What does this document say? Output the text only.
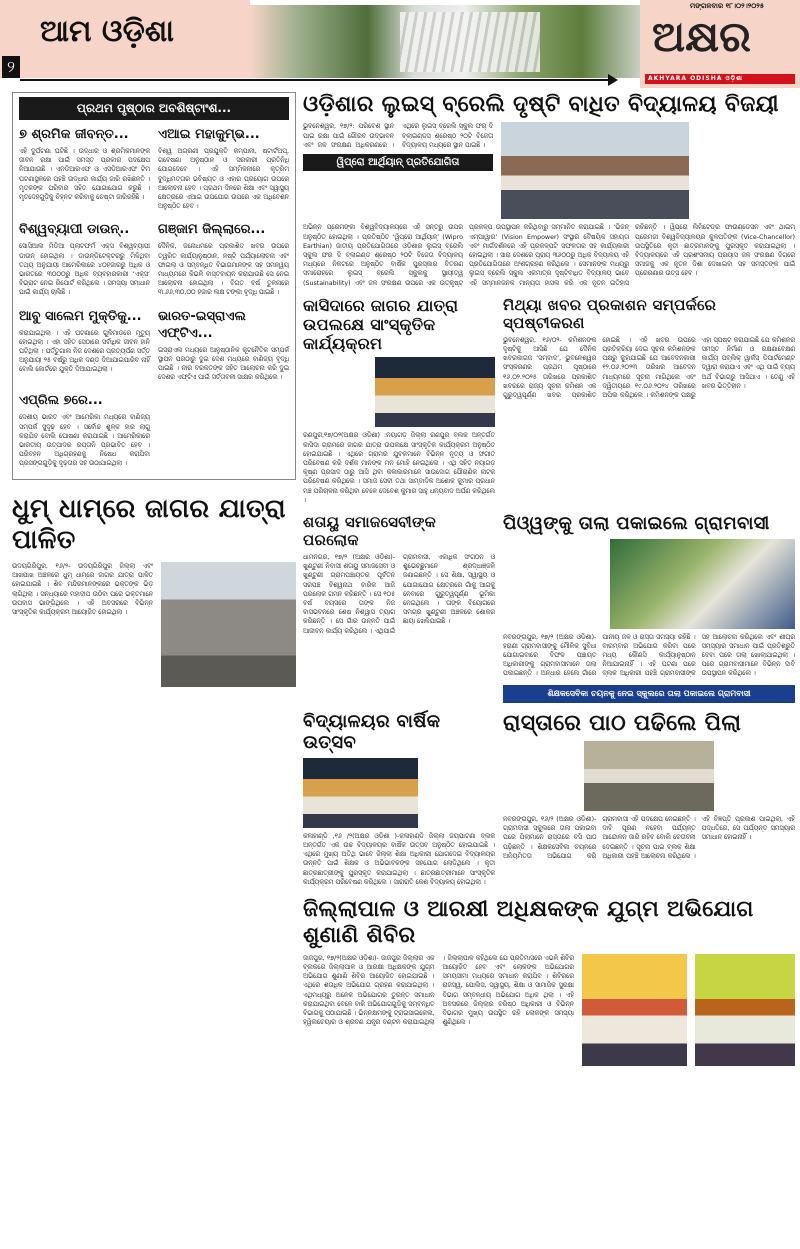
ଆମ ଓଡ଼ିଶା
୨
ମଙ୍ଗଳବାର ୧୮।୦୨।୨୦୨୫
ଅକ୍ଷର
AKHYARA ODISHA ଓଡ଼ିଶା
ପ୍ରଥମ ପୃଷ୍ଠାର ଅବଶିଷ୍ଟାଂଶ...
୭ ଶ୍ରମିକ ଜୀବନ୍ତ...
ଏହି ଦୁର୍ଘଟଣା ଘଟିଛି । ଉଦ୍ଧାର ଓ ଶ୍ରମିକମାନଙ୍କ ଜୀବନ ରକ୍ଷା ପାଇଁ ସମସ୍ତ ପ୍ରକାର ପଦକ୍ଷେପ ନିଆଯାଉଛି । ଏନଡିଆରଏଫ ଓ ଏସଡିଆରଏଫ ଟିମ ଘଟଣାସ୍ଥଳରେ ପହଞ୍ଚି ଉଦ୍ଧାର କାର୍ଯ୍ୟ ଜାରି ରଖିଛନ୍ତି । ମୃତକଙ୍କ ପରିବାର ସହିତ ଯୋଗାଯୋଗ କରୁଛି । ମୃତଦେହଗୁଡ଼ିକୁ ଚିହ୍ନଟ କରିବାକୁ ଚେଷ୍ଟା ଜାରିରହିଛି ।
ଏଆଇ ମହାକୁମ୍ଭ...
ବିଶ୍ୱ ଅଗ୍ରଣୀ ପ୍ରଯୁକ୍ତି କମ୍ପାନୀ, ଷ୍ଟାର୍ଟଅପ୍, ଗବେଷଣା ଅନୁଷ୍ଠାନ ଓ ସରକାରୀ ପ୍ରତିନିଧି ଯୋଗଦେବେ । ଏହି ସମ୍ମିଳନୀରେ କୃତ୍ରିମ ବୁଦ୍ଧିମତ୍ତାର ଭବିଷ୍ୟତ ଓ ଏହାର ପ୍ରୟୋଗ ଉପରେ ଆଲୋଚନା ହେବ । ପ୍ରଥମ ଦିନରେ ଶିକ୍ଷା ଏବଂ ସ୍ୱାସ୍ଥ୍ୟ କ୍ଷେତ୍ରରେ ଏଆଇ ଉପଯୋଗ ଉପରେ ଏକ ଅଧିବେଶନ ଅନୁଷ୍ଠିତ ହେବ ।
ବିଶ୍ୱବ୍ୟାପୀ ଡାଉନ୍..
ସୋସିଆଲ ମିଡିଆ ପ୍ଲାଟଫର୍ମ ଏକ୍ସ ବିଶ୍ୱବ୍ୟାପୀ ଡାଉନ୍ ହୋଇଥିଲା । ଡାଉନ୍‌ଡିଟେକ୍ଟରରୁ ମିଳିଥିବା ତଥ୍ୟ ଅନୁଯାୟୀ ଆମେରିକାରେ ୪୦ହଜାରରୁ ଅଧିକ ଓ ଭାରତରେ ୩୦୦୦ରୁ ଅଧିକ ବ୍ୟବହାରକାରୀ ‘ଏକ୍ସ’ ବିଭ୍ରାଟ ନେଇ ରିପୋର୍ଟ କରିଥିଲେ । ସମସ୍ୟା ସମାଧାନ ପାଇଁ କାର୍ଯ୍ୟ ଚାଲିଛି ।
ଗଞ୍ଜାମ ଜିଲ୍ଲାରେ...
ଦୈନିକ, ଜନୋଧମରେ ପ୍ରକାଶିତ ଖବର ଉପରେ ତ୍ୱରିତ କାର୍ଯ୍ୟାନୁଷ୍ଠାନ, ନଷ୍ଟି ପର୍ଯ୍ୟାଲୋଚନା ଏବଂ ଫାଇଲ୍ ଓ ସମ୍ବନ୍ଧିତ ବିଭାଗମାନଙ୍କ ସହ ସମନ୍ୱୟ ମାଧ୍ୟମରେ କିଭଳି ବାସ୍ତବାୟନ କରାଯାଉଛି ସେ ନେଇ ଆଲୋଚନା ହୋଇଥିଲା । ବିଗତ ବର୍ଷ ତୁଳନାରେ ୩.୬୬,୩୦,୦୦ ହଜାର ଲକ୍ଷ ଟଙ୍କା ବୃଦ୍ଧି ପାଇଛି ।
ଆବୁ ସାଲେମ ମୁକ୍ତିକୁ...
କରାଯାଇଥିଲା । ଏହି ଘଟଣାରେ ଗୁଳିମାଡ଼ରେ ମୃତ୍ୟୁ ହୋଇଥିଲା । ଏହା ସହିତ ସେଠାରେ ସର୍ବାଧିକ ଜୀବନ ହାନି ଘଟିଥିଲା । ପର୍ତ୍ତୁଗାଲ ନିଜ ଦେଶରେ ପ୍ରତ୍ୟର୍ପଣ ସର୍ତ୍ତ ଅନୁଯାୟୀ ୨୫ ବର୍ଷରୁ ଅଧିକ ଦଣ୍ଡ ଦିଆଯାଇପାରିବ ନାହିଁ ବୋଲି କୋର୍ଟରେ ଯୁକ୍ତି ଦିଆଯାଇଥିଲା ।
ଭାରତ-ଇସ୍ରାଏଲ ଏଫ୍‌ଟିଏ...
ଇସ୍ରାଏଲ ମଧ୍ୟରେ ଆନୁଷ୍ଠାନିକ କୂଟନୈତିକ ସମ୍ପର୍କ ସ୍ଥାପନ ପରଠାରୁ ଦୁଇ ଦେଶ ମଧ୍ୟରେ ବାଣିଜ୍ୟ ବୃଦ୍ଧି ପାଇଛି । ନୀର ବରକତଙ୍କ ସହିତ ଆଲୋଚନା କରି ଦୁଇ ଦେଶର ଏଫ୍‌ଟିଏ ପାଇଁ ସର୍ତ୍ତାବଳୀ ସାକ୍ଷର କରିଥିଲେ ।
ଏପ୍ରିଲ ୭ରେ...
ଦେଶୀୟ ଭାରତ ଏବଂ ଆମେରିକା ମଧ୍ୟରେ ବାଣିଜ୍ୟ ସମ୍ପର୍କ ସୁଦୃଢ଼ ହେବ । ସର୍ବୋଚ୍ଚ ଶୁଳ୍କ ହାର ଲାଗୁ କରାଯିବ ବୋଲି ଘୋଷଣା କରାଯାଇଛି । ଆମେରିକାରେ ଭାରତୀୟ ଉତ୍ପାଦର ରପ୍ତାନି ପ୍ରଭାବିତ ହେବ । ପରିବହନ ଅଧିଗ୍ରହଣକୁ ନିଷେଧ କରାଯିବା ପ୍ରସଙ୍ଗଗୁଡ଼ିକୁ ଦୃଢ଼ତାର ସହ ଉଠାଯାଇଥିଲା ।
ଧୁମ୍ ଧାମ୍‌ରେ ଜାଗର ଯାତ୍ରା ପାଳିତ
ଉଦୟଗିରିପୁର, ୧୬/୨- ଉଦୟଗିରିପୁର ଜିଲ୍ଲା ଏବଂ ଆଖପାଖ ଅଞ୍ଚଳରେ ଧୁମ୍ ଧାମ୍‌ରେ ଜାଗର ଯାତ୍ରା ପାଳିତ ହୋଇଯାଇଛି । ଶିବ ମନ୍ଦିରମାନଙ୍କରେ ଭକ୍ତଙ୍କ ଭିଡ଼ ଲାଗିଥିଲା । ସନ୍ଧ୍ୟାରେ ମହାଦୀପ ଉଠିବା ପରେ ଭକ୍ତମାନେ ଉପବାସ ଭାଙ୍ଗିଥିଲେ । ଏହି ଅବସରରେ ବିଭିନ୍ନ ସାଂସ୍କୃତିକ କାର୍ଯ୍ୟକ୍ରମ ଆୟୋଜିତ ହୋଇଥିଲା ।
ଓଡ଼ିଶାର ଲୁଇସ୍ ବ୍ରେଲି ଦୃଷ୍ଟି ବାଧିତ ବିଦ୍ୟାଳୟ ବିଜୟୀ
ଭୁବନେଶ୍ୱର, ୧୭/୨: ପରିବେଶ ସ୍ଥାନ ପାଇ ରକ୍ଷା ପାଇଁ ଗୌରବ ଉଦ୍ଭାବନ ଏବଂ ଜଳ ସଂରକ୍ଷଣ ଅଧିକରଣରେ । ଏଥିରେ ଲୁଇସ୍ ବ୍ରେଲି ସ୍କୁଲ ଫର୍ ଦି ବ୍ଲାଇଣ୍ଡସ ଶ୍ରେଷ୍ଠ ୨୦ଟି ବିଜେତା ବିଦ୍ୟାଳୟ ମଧ୍ୟରେ ସ୍ଥାନ ପାଇଛି ।
ୱିପ୍ରୋ ଆର୍ଥିୟାନ୍ ପ୍ରତିଯୋଗିତା
ଅଭିନ୍ନ ପ୍ରେମଙ୍କା ବିଶ୍ୱବିଦ୍ୟାଳୟରେ ଏହି ସନ୍ତରୁ ଉପର ଅନୁଷ୍ଠିତ ହୋଇଥିଲା । ପ୍ରତିଷ୍ଠିତ ‘ୱିପ୍ରୋ ଆର୍ଥିୟାନ୍’ (Wipro Earthian) ଜାତୀୟ ପ୍ରତିଯୋଗିତାରେ ଓଡ଼ିଶାର ଲୁଇସ୍ ବ୍ରେଲି ସ୍କୁଲ ଫର ଦି ବ୍ଲାଇଣ୍ଡ ଶ୍ରେଷ୍ଠ ୨୦ଟି ବିଜେତା ବିଦ୍ୟାଳୟ ମଧ୍ୟରେ ନିକଟରେ ଅନୁଷ୍ଠିତ ବାର୍ଷିକ ପୁରସ୍କାର ବିତରଣ ସମାରୋହରେ ଲୁଇସ୍ ବ୍ରେଲି ସ୍କୁଲକୁ ସ୍ଥାୟୀତ୍ୱ (Sustainability) ଏବଂ ଜଳ ସଂରକ୍ଷଣ ଉପରେ ଏକ ଉତ୍କୃଷ୍ଟ ପ୍ରକଳ୍ପ ଉପସ୍ଥାପନ କରିଥିବାରୁ ସମ୍ମାନିତ କରାଯାଇଛି । ‘ଭିଜନ୍ ଏମ୍ପାୱାର’ (Vision Empower) ସଂସ୍ଥାର ବୈଷୟିକ ସହାୟତା ଏବଂ ମାର୍ଗଦର୍ଶନରେ ଏହି ପ୍ରକଳ୍ପଟି ସଫଳତାର ସହ କାର୍ଯ୍ୟକାରୀ ହୋଇଥିଲା । ସାରା ଦେଶରେ ପ୍ରାୟ ୩୬୦୦ରୁ ଅଧିକ ବିଦ୍ୟାଳୟ ଏହି ପ୍ରତିଯୋଗିତାରେ ଅଂଶଗ୍ରହଣ କରିଥିଲେ । ସେମାନଙ୍କ ମଧ୍ୟରୁ ଲୁଇସ୍ ବ୍ରେଲି ସ୍କୁଲ ଏକମାତ୍ର ଦୃଷ୍ଟିବାଧିତ ବିଦ୍ୟାଳୟ ଭାବେ ଏହି ସମ୍ମାନଜନକ ମାନ୍ୟତା ହାସଲ କରି ଏକ ନୂତନ ଇତିହାସ ରଚିଛନ୍ତି । ୱିପ୍ରୋ ଲିମିଟେଡ୍‌ର ଫାଉଣ୍ଡେସନ ଏବଂ ଥାଇମ୍ ପ୍ରେମଜୀ ବିଶ୍ୱବିଦ୍ୟାଳୟର କୁଳପତିଙ୍କ (Vice-Chancellor) ଉପସ୍ଥିତିରେ କୃତୀ ଛାତ୍ରମାନଙ୍କୁ ପୁରସ୍କୃତ କରାଯାଇଥିଲା । ବିଦ୍ୟାଳୟରେ ଏହି ପ୍ରଶଂସନୀୟ ପ୍ରୟାସ ଜଳ ସଂରକ୍ଷଣ ଦିଗରେ ସମାଜକୁ ଏକ ନୂତନ ଦିଶା ଦେଖାଇବା ସହ ସମସ୍ତଙ୍କ ପାଇଁ ପ୍ରେରଣାର ଉତ୍ସ ହେବ ।
କାସିଦାରେ ଜାଗର ଯାତ୍ରା
ଉପଲକ୍ଷେ ସାଂସ୍କୃତିକ କାର୍ଯ୍ୟକ୍ରମ
ରଣପୁର,୧୭/୦୨(ଅକ୍ଷର ଓଡ଼ିଶା) :ନୟାଗଡ଼ ଜିଲ୍ଲା ରଣପୁର ବ୍ଲକ ଅନ୍ତର୍ଗତ କାସିଦା ଗ୍ରାମରେ ଜାଗର ଯାତ୍ରା ଉପଲକ୍ଷେ ସାଂସ୍କୃତିକ କାର୍ଯ୍ୟକ୍ରମ ଅନୁଷ୍ଠିତ ହୋଇଯାଇଛି । ଏଥିରେ ଗ୍ରାମର ଯୁବକମାନେ ବିଭିନ୍ନ ନୃତ୍ୟ ଓ ସଂଗୀତ ପରିବେଷଣ କରି ଦର୍ଶକ ମାନଙ୍କ ମନ ମୋହି ନେଇଥିଲେ । ଏଥି ସହିତ ନୟାଗଡ଼ କୃଷ୍ଣ ପ୍ରସାଦ ଠାରୁ ଆସି ଥିବା କଳାକାରମାନେ ସାଉଦୋଗ ପୌରାଣିକ ନାଟକ ପରିବେଷଣ କରିଥିଲେ । ସମାଜ ସେବୀ ତଥା ସାମ୍ବାଦିକ ଅଶୋକ କୁମାର ପ୍ରଧାନ ମଞ୍ଚ ପରିଚାଳନା କରିଥିବା ବେଳେ ଦେବେଶ କୁମାର ସାହୁ ଧନ୍ୟବାଦ ଅର୍ପଣ କରିଥିଲେ ।
ମିଥ୍ୟା ଖବର ପ୍ରକାଶନ ସମ୍ପର୍କରେ ସ୍ପଷ୍ଟୀକରଣ
ଭୁବନେଶ୍ୱର, ୧୬/୦୨- କମିଶନଙ୍କ ଦୃଷ୍ଟିକୁ ଆସିଛି ଯେ ଦୈନିକ ଖବରକାଗଜ ‘ସମ୍ବାଦ’, ଭୁବନେଶ୍ୱର ସଂସ୍କରଣର ପ୍ରଥମ ପୃଷ୍ଠାରେ ୧୬.୦୨.୨୦୨୫ ତାରିଖରେ ପ୍ରକାଶିତ ଖବରରେ ରାଜ୍ୟ ସୂଚନା କମିଶନ ଏକ ଗୁରୁତ୍ୱପୂର୍ଣ୍ଣ ଖବର ପ୍ରକାଶିତ ହୋଇଛି । ଏହି ଖବର ଉପରେ ପ୍ରତିକ୍ରିୟା ଦେଇ ସୂଚନା କମିଶନଙ୍କ ପକ୍ଷରୁ କୁହାଯାଇଛି ଯେ ଆବେଦନକାରୀ ୧୨.୦୬.୨୦୨୩ ତାରିଖର ଆବେଦନ ମାଧ୍ୟମରେ ସୂଚନା ମାଗିଥିଲେ ଏବଂ ଦ୍ୱିତୀୟରେ ୧୯.୦୬.୨୦୨୪ ତାରିଖରେ ଅପିଲ କରିଥିଲେ । କମିଶନଙ୍କ ପକ୍ଷରୁ ଏହା ସ୍ପଷ୍ଟ କରାଯାଇଛି ଯେ କମିଶନର ସମସ୍ତ ନିର୍ମାଣ ଓ ରକ୍ଷଣାବେକ୍ଷଣ କାର୍ଯ୍ୟ ପବ୍ଲିକ୍ ୱାର୍କସ୍ ଡିପାର୍ଟମେଣ୍ଟ ଦ୍ୱାରା କରାଯାଏ ଏବଂ ଏଥି ପାଇଁ ବ୍ୟୟ ଅର୍ଥ ବିଭାଗରୁ ଆସିଥାଏ । ତେଣୁ ଏହି ଖବର ଭିତ୍ତିହୀନ ।
ଶତାୟୁ ସମାଜସେବୀଙ୍କ ପରଲୋକ
ଧାମନଗର, ୧୭/୨ (ଅକ୍ଷର ଓଡ଼ିଶା)- ଖୁଣ୍ଟୁଣୀ ନିବାସୀ ଶତାୟୁ ସମାଜସେବୀ ଓ ଖୁଣ୍ଟୁଣୀ ଗ୍ରାମପଞ୍ଚାୟତର ପୂର୍ବତନ ସରପଞ୍ଚ ବିଶ୍ୱନାଥ ବାରିକ ଆଜି ପରଲୋକ ଗମନ କରିଛନ୍ତି । ସେ ୧୦୫ ବର୍ଷ ବୟସରେ ତାଙ୍କ ନିଜ ବାସଭବନରେ ଶେଷ ନିଶ୍ୱାସ ତ୍ୟାଗ କରିଛନ୍ତି । ସେ ଗାଁର ଉନ୍ନତି ପାଇଁ ଆଜୀବନ କାର୍ଯ୍ୟ କରିଥିଲେ । ଏଥିପାଇଁ ଗ୍ରାମବାସୀ, ଏକାଧିକ ସଂଗଠନ ଓ ଶୁଭେଚ୍ଛୁମାନେ ଶ୍ରଦ୍ଧାଞ୍ଜଳି ଜଣାଇଛନ୍ତି । ସେ ଶିକ୍ଷା, ସ୍ୱାସ୍ଥ୍ୟ ଓ ଯୋଗାଯୋଗ କ୍ଷେତ୍ରରେ ଗାଁକୁ ଆଗକୁ ନେବାରେ ଗୁରୁତ୍ୱପୂର୍ଣ୍ଣ ଭୂମିକା ନେଇଥିଲେ । ତାଙ୍କ ବିୟୋଗରେ ସମଗ୍ର ଖୁଣ୍ଟୁଣୀ ଅଞ୍ଚଳରେ ଶୋକର ଛାୟା ଖେଳିଯାଇଛି ।
ପିଓ୍ୱଙ୍କୁ ତାଲା ପକାଇଲେ ଗ୍ରାମବାସୀ
ନବରଙ୍ଗପୁର, ୧୭/୨ (ଅକ୍ଷର ଓଡ଼ିଶା)- ହରାଣୀ ଗ୍ରାମବାସୀଙ୍କୁ ମୌଳିକ ସୁବିଧା ଯୋଗାଇବାରେ ବିଫଳ ପଞ୍ଚାୟତ ଅଧିକାରୀଙ୍କୁ ଗ୍ରାମବାସୀମାନେ ତାଲା ପକାଇଛନ୍ତି । ଅନ୍ଧାର ହେଲେ ଗାଁରେ ପାନୀୟ ଜଳ ଓ ରାସ୍ତା ସମସ୍ୟା ରହିଛି । ବାରମ୍ବାର ଅଭିଯୋଗ କରିବା ପରେ ମଧ୍ୟ କୌଣସି କାର୍ଯ୍ୟାନୁଷ୍ଠାନ ନିଆଯାଇନାହିଁ । ଏହି ଘଟଣା ପରେ ବ୍ଲକ ଅଧିକାରୀ ପହଞ୍ଚି ଗ୍ରାମବାସୀଙ୍କ ସହ ଆଲୋଚନା କରିଥିଲେ ଏବଂ ଶୀଘ୍ର ସମସ୍ୟାର ସମାଧାନ ପାଇଁ ପ୍ରତିଶ୍ରୁତି ଦେବା ପରେ ତାଲା ଖୋଲାଯାଇଥିଲା । ପରେ ଗ୍ରାମବାସୀମାନେ ବିଭିନ୍ନ ଦାବି ଉପସ୍ଥାପନ କରିଥିଲେ ।
ଶିକ୍ଷକସେବିକା ଚୟନକୁ ନେଇ ସ୍କୁଲରେ ତାଲା ପକାଇଲେ ଗ୍ରାମବାସୀ
ବିଦ୍ୟାଳୟର ବାର୍ଷିକ ଉତ୍ସବ
କଳାହାଣ୍ଡି ,୧୬ /୨(ଅକ୍ଷର ଓଡ଼ିଶା )-କଳାହାଣ୍ଡି ଜିଲ୍ଲା ଜୟପାଟଣା ବ୍ଲକ ଅନ୍ତର୍ଗତ ଏକ ଉଚ୍ଚ ବିଦ୍ୟାଳୟର ବାର୍ଷିକ ଉତ୍ସବ ଅନୁଷ୍ଠିତ ହୋଇଯାଇଛି । ଏଥିରେ ମୁଖ୍ୟ ଅତିଥି ଭାବେ ଜିଲ୍ଲା ଶିକ୍ଷା ଅଧିକାରୀ ଯୋଗଦେଇ ବିଦ୍ୟାଳୟର ଉନ୍ନତି ପାଇଁ ଶିକ୍ଷକ ଓ ଅଭିଭାବକଙ୍କ ସହଯୋଗ ଲୋଡ଼ିଥିଲେ । କୃତୀ ଛାତ୍ରଛାତ୍ରୀଙ୍କୁ ପୁରସ୍କୃତ କରାଯାଇଥିଲା । ଛାତ୍ରଛାତ୍ରୀମାନେ ସାଂସ୍କୃତିକ କାର୍ଯ୍ୟକ୍ରମ ପରିବେଷଣ କରିଥିଲେ । ସାରାରାତି କେଶ ବିଦ୍ୟାଳୟ ହୋଇଥିଲା ।
ରାସ୍ତାରେ ପାଠ ପଢିଲେ ପିଲା
ନବରଙ୍ଗପୁର, ୧୬/୨ (ଅକ୍ଷର ଓଡ଼ିଶା)- ଗ୍ରାମବାସୀ ସ୍କୁଲରେ ତାଲା ପକାଇବା ପରେ ପିଲାମାନେ ରାସ୍ତାରେ ବସି ପାଠ ପଢ଼ିଛନ୍ତି । ଶିକ୍ଷକସେବିକା ଚୟନରେ ଅନିୟମିତତା ଅଭିଯୋଗ କରି ଗ୍ରାମବାସୀ ଏହି ପଦକ୍ଷେପ ନେଇଛନ୍ତି । ଦାବି ପୂରଣ ନହେବା ପର୍ଯ୍ୟନ୍ତ ଆନ୍ଦୋଳନ ଜାରି ରହିବ ବୋଲି ଚେତାବନୀ ଦେଇଛନ୍ତି । ସୂଚନା ପାଇ ବ୍ଲକ ଶିକ୍ଷା ଅଧିକାରୀ ପହଞ୍ଚି ଆଲୋଚନା କରିଥିଲେ । ଏହି ବିଜ୍ଞପ୍ତି ପ୍ରକାଶ ପାଇଥିଲା, ଏହି ପଦ୍ଧତିରେ, ସେ ପର୍ଯ୍ୟନ୍ତ ସମସ୍ୟାର ସମାଧାନ ହୋଇନାହିଁ ।
ଜିଲ୍ଲାପାଳ ଓ ଆରକ୍ଷୀ ଅଧିକ୍ଷକଙ୍କ ଯୁଗ୍ମ ଅଭିଯୋଗ ଶୁଣାଣି ଶିବିର
ଜାଜପୁର, ୧୭/୨(ଅକ୍ଷର ଓଡ଼ିଶା)- ଜାଜପୁର ଜିଲ୍ଲାର ଏକ ବ୍ଲକରେ ଜିଲ୍ଲାପାଳ ଓ ଆରକ୍ଷୀ ଅଧିକ୍ଷକଙ୍କ ଯୁଗ୍ମ ଅଭିଯୋଗ ଶୁଣାଣି ଶିବିର ଆୟୋଜିତ ହୋଇଯାଇଛି । ଏଥିରେ ଶତାଧିକ ଅଭିଯୋଗ ଗ୍ରହଣ କରାଯାଇଥିଲା । ଏଥିମଧ୍ୟରୁ ଅନେକ ଅଭିଯୋଗର ତୁରନ୍ତ ସମାଧାନ କରାଯାଇଥିବା ବେଳେ ବାକି ଅଭିଯୋଗଗୁଡ଼ିକୁ ସମ୍ବନ୍ଧିତ ବିଭାଗକୁ ପଠାଯାଇଛି । ଭିନ୍ନକ୍ଷମଙ୍କୁ ଟ୍ରାଇସାଇକେଲ, ହ୍ୱିଲଚେୟାର ଓ ଶ୍ରବଣ ଯନ୍ତ୍ର ବଣ୍ଟନ କରାଯାଇଥିଲା । ଜିଲ୍ଲାପାଳ କହିଥିଲେ ଯେ ପ୍ରତିମାସରେ ଏଭଳି ଶିବିର ଆୟୋଜିତ ହେବ ଏବଂ ଲୋକଙ୍କ ଅଭିଯୋଗର ସମୟସୀମା ମଧ୍ୟରେ ସମାଧାନ କରାଯିବ । ଶିବିରରେ ରାଜସ୍ୱ, ପୋଲିସ, ସ୍ୱାସ୍ଥ୍ୟ, ଶିକ୍ଷା ଓ ସାମାଜିକ ସୁରକ୍ଷା ବିଭାଗ ସମ୍ବନ୍ଧୀୟ ଅଭିଯୋଗ ଅଧିକ ଥିଲା । ଏହି ଅବସରରେ ଜିଲ୍ଲାର ବରିଷ୍ଠ ଅଧିକାରୀ ଓ ବିଭିନ୍ନ ବିଭାଗର ମୁଖ୍ୟ ଉପସ୍ଥିତ ରହି ଲୋକଙ୍କ ସମସ୍ୟା ଶୁଣିଥିଲେ ।
